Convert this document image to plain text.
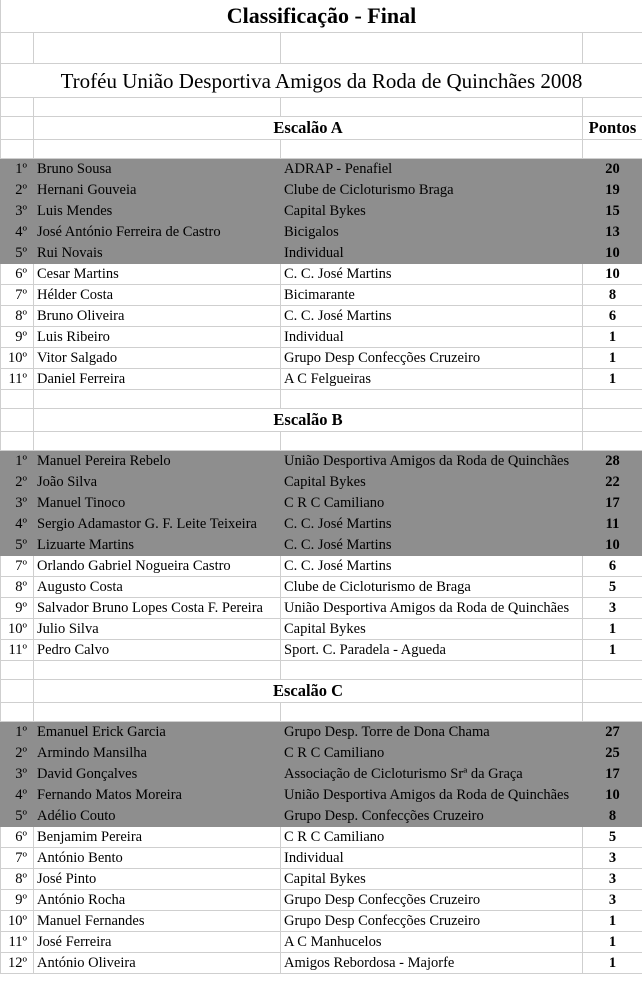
Classificação - Final			

Troféu União Desportiva Amigos da Roda de Quinchães 2008			

	Escalão A		Pontos

1º	Bruno Sousa	ADRAP - Penafiel	20
2º	Hernani Gouveia	Clube de Cicloturismo Braga	19
3º	Luis Mendes	Capital Bykes	15
4º	José António Ferreira de Castro	Bicigalos	13
5º	Rui Novais	Individual	10
6º	Cesar Martins	C. C. José Martins	10
7º	Hélder Costa	Bicimarante	8
8º	Bruno Oliveira	C. C. José Martins	6
9º	Luis Ribeiro	Individual	1
10º	Vitor Salgado	Grupo Desp Confecções Cruzeiro	1
11º	Daniel Ferreira	A C Felgueiras	1

	Escalão B		

1º	Manuel Pereira Rebelo	União Desportiva Amigos da Roda de Quinchães	28
2º	João Silva	Capital Bykes	22
3º	Manuel Tinoco	C R C Camiliano	17
4º	Sergio Adamastor G. F. Leite Teixeira	C. C. José Martins	11
5º	Lizuarte Martins	C. C. José Martins	10
7º	Orlando Gabriel Nogueira Castro	C. C. José Martins	6
8º	Augusto Costa	Clube de Cicloturismo de Braga	5
9º	Salvador Bruno Lopes Costa F. Pereira	União Desportiva Amigos da Roda de Quinchães	3
10º	Julio Silva	Capital Bykes	1
11º	Pedro Calvo	Sport. C. Paradela - Agueda	1

	Escalão C		

1º	Emanuel Erick Garcia	Grupo Desp. Torre de Dona Chama	27
2º	Armindo Mansilha	C R C Camiliano	25
3º	David Gonçalves	Associação de Cicloturismo Srª da Graça	17
4º	Fernando Matos Moreira	União Desportiva Amigos da Roda de Quinchães	10
5º	Adélio Couto	Grupo Desp. Confecções Cruzeiro	8
6º	Benjamim Pereira	C R C Camiliano	5
7º	António Bento	Individual	3
8º	José Pinto	Capital Bykes	3
9º	António Rocha	Grupo Desp Confecções Cruzeiro	3
10º	Manuel Fernandes	Grupo Desp Confecções Cruzeiro	1
11º	José Ferreira	A C Manhucelos	1
12º	António Oliveira	Amigos Rebordosa - Majorfe	1
